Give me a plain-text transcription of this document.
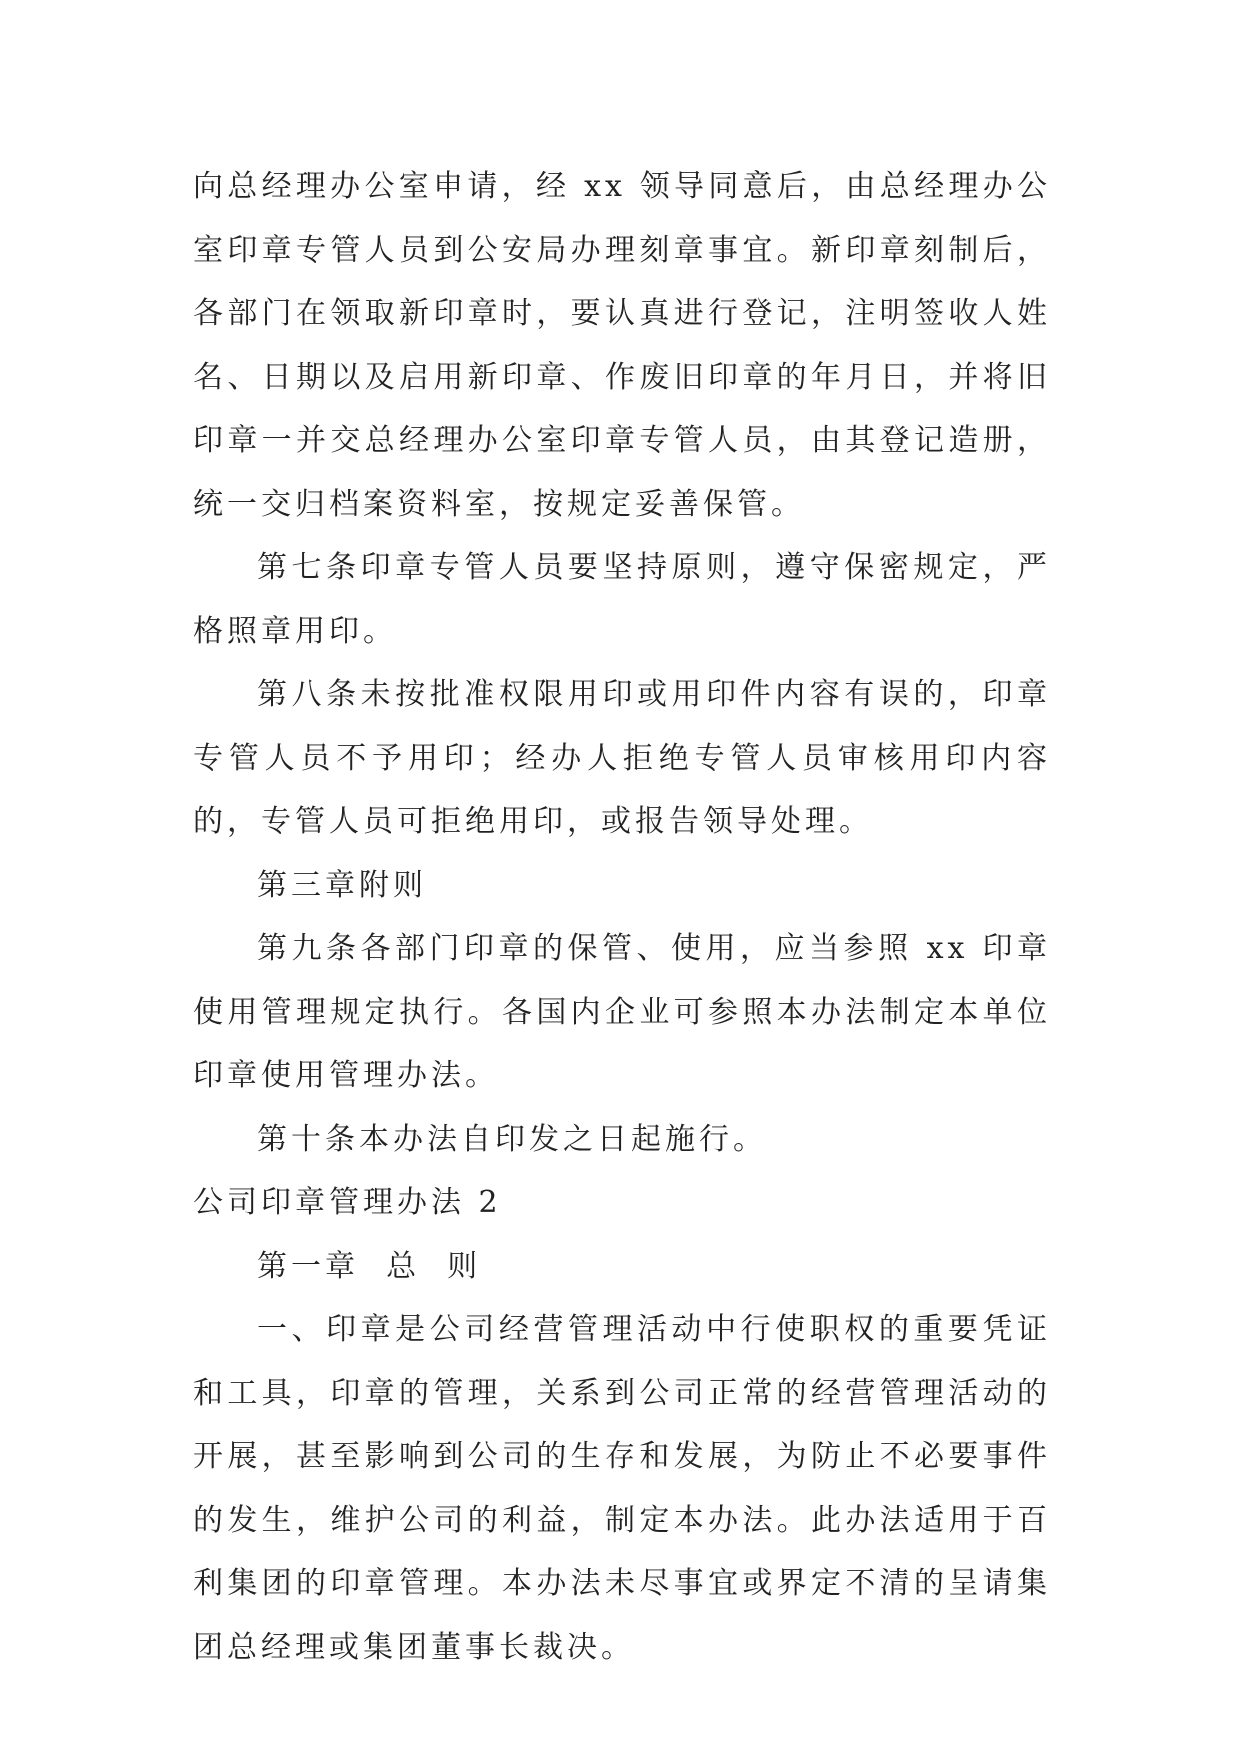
向总经理办公室申请，经 xx 领导同意后，由总经理办公室印章专管人员到公安局办理刻章事宜。新印章刻制后，各部门在领取新印章时，要认真进行登记，注明签收人姓名、日期以及启用新印章、作废旧印章的年月日，并将旧印章一并交总经理办公室印章专管人员，由其登记造册，统一交归档案资料室，按规定妥善保管。

第七条印章专管人员要坚持原则，遵守保密规定，严格照章用印。

第八条未按批准权限用印或用印件内容有误的，印章专管人员不予用印；经办人拒绝专管人员审核用印内容的，专管人员可拒绝用印，或报告领导处理。

第三章附则

第九条各部门印章的保管、使用，应当参照 xx 印章使用管理规定执行。各国内企业可参照本办法制定本单位印章使用管理办法。

第十条本办法自印发之日起施行。

公司印章管理办法 2

第一章  总  则

一、印章是公司经营管理活动中行使职权的重要凭证和工具，印章的管理，关系到公司正常的经营管理活动的开展，甚至影响到公司的生存和发展，为防止不必要事件的发生，维护公司的利益，制定本办法。此办法适用于百利集团的印章管理。本办法未尽事宜或界定不清的呈请集团总经理或集团董事长裁决。
